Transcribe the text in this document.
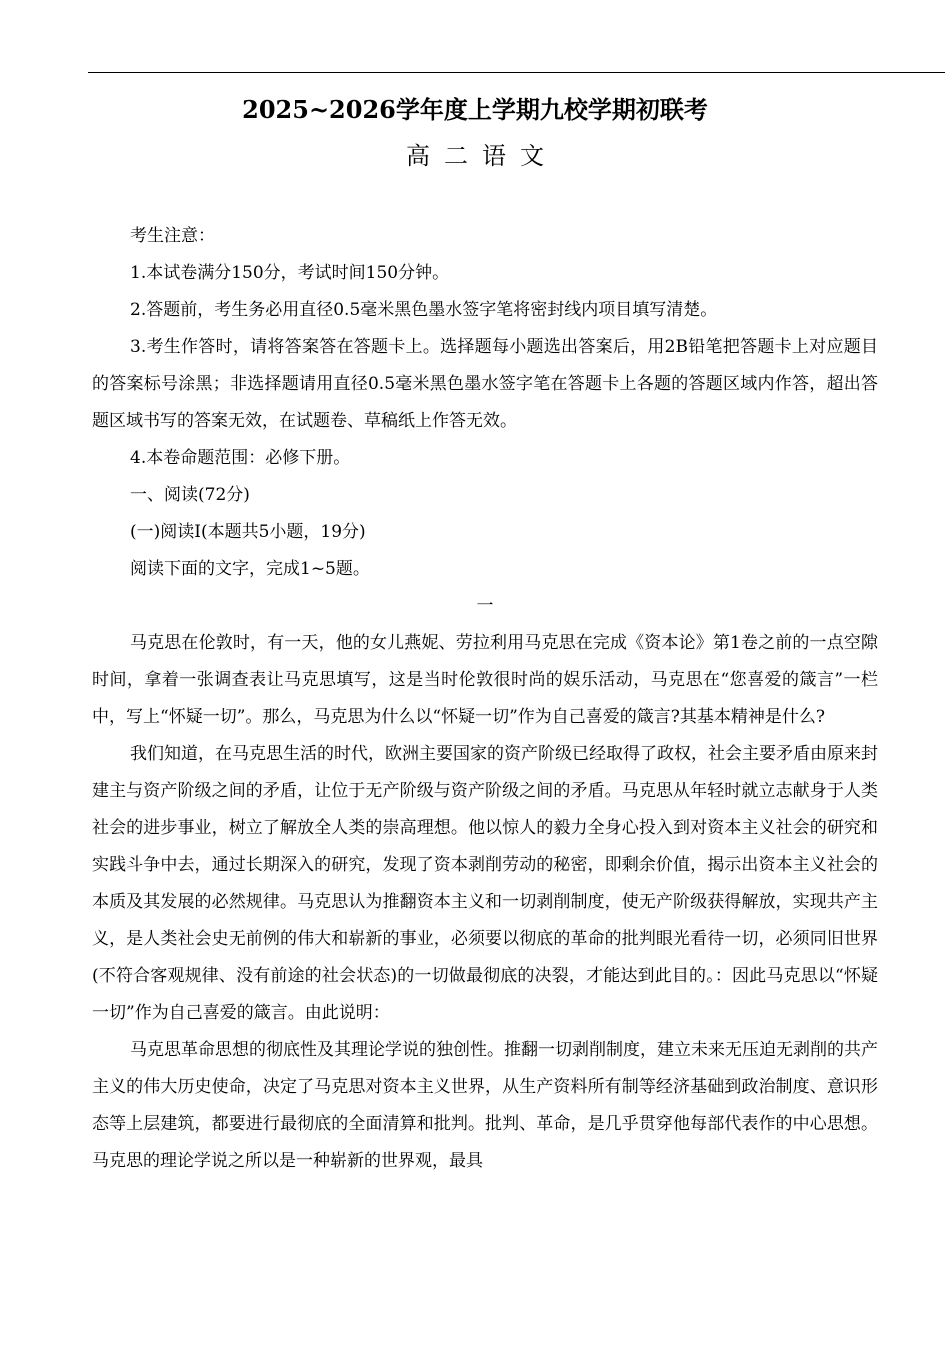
2025~2026学年度上学期九校学期初联考
高二语文
考生注意：
1.本试卷满分150分，考试时间150分钟。
2.答题前，考生务必用直径0.5毫米黑色墨水签字笔将密封线内项目填写清楚。

3.考生作答时，请将答案答在答题卡上。选择题每小题选出答案后，用2B铅笔把答题卡上对应题目的答案标号涂黑；非选择题请用直径0.5毫米黑色墨水签字笔在答题卡上各题的答题区域内作答，超出答题区域书写的答案无效，在试题卷、草稿纸上作答无效。

4.本卷命题范围：必修下册。
一、阅读(72分)
(一)阅读Ⅰ(本题共5小题，19分)
阅读下面的文字，完成1~5题。
一

马克思在伦敦时，有一天，他的女儿燕妮、劳拉利用马克思在完成《资本论》第1卷之前的一点空隙时间，拿着一张调查表让马克思填写，这是当时伦敦很时尚的娱乐活动，马克思在“您喜爱的箴言”一栏中，写上“怀疑一切”。那么，马克思为什么以“怀疑一切”作为自己喜爱的箴言?其基本精神是什么?

我们知道，在马克思生活的时代，欧洲主要国家的资产阶级已经取得了政权，社会主要矛盾由原来封建主与资产阶级之间的矛盾，让位于无产阶级与资产阶级之间的矛盾。马克思从年轻时就立志献身于人类社会的进步事业，树立了解放全人类的崇高理想。他以惊人的毅力全身心投入到对资本主义社会的研究和实践斗争中去，通过长期深入的研究，发现了资本剥削劳动的秘密，即剩余价值，揭示出资本主义社会的本质及其发展的必然规律。马克思认为推翻资本主义和一切剥削制度，使无产阶级获得解放，实现共产主义，是人类社会史无前例的伟大和崭新的事业，必须要以彻底的革命的批判眼光看待一切，必须同旧世界(不符合客观规律、没有前途的社会状态)的一切做最彻底的决裂，才能达到此目的。：因此马克思以“怀疑一切”作为自己喜爱的箴言。由此说明：

马克思革命思想的彻底性及其理论学说的独创性。推翻一切剥削制度，建立未来无压迫无剥削的共产主义的伟大历史使命，决定了马克思对资本主义世界，从生产资料所有制等经济基础到政治制度、意识形态等上层建筑，都要进行最彻底的全面清算和批判。批判、革命，是几乎贯穿他每部代表作的中心思想。马克思的理论学说之所以是一种崭新的世界观，最具
